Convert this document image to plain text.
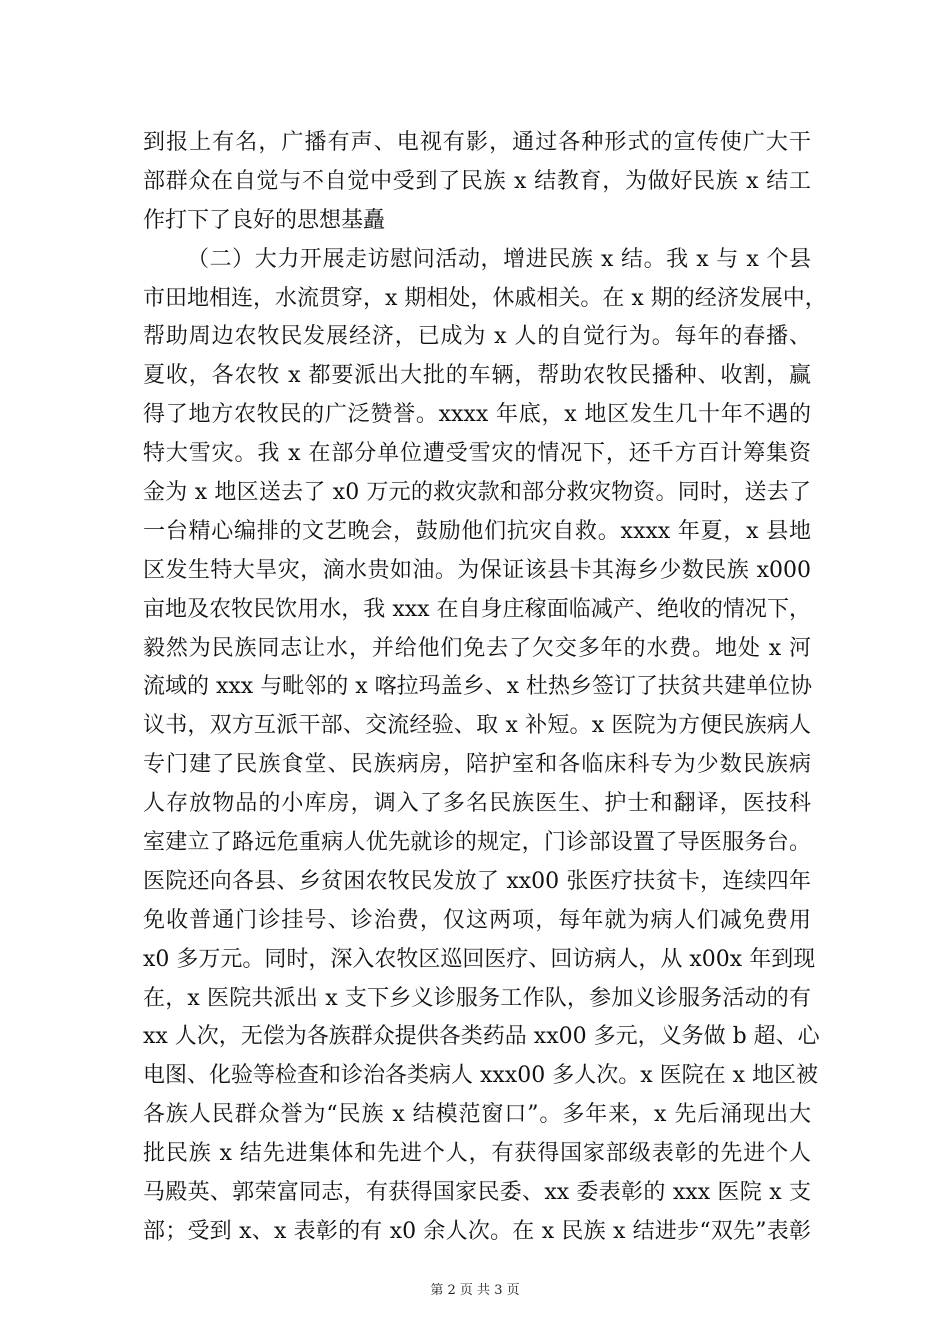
到报上有名，广播有声、电视有影，通过各种形式的宣传使广大干
部群众在自觉与不自觉中受到了民族 x 结教育，为做好民族 x 结工
作打下了良好的思想基矗
（二）大力开展走访慰问活动，增进民族 x 结。我 x 与 x 个县
市田地相连，水流贯穿，x 期相处，休戚相关。在 x 期的经济发展中，
帮助周边农牧民发展经济，已成为 x 人的自觉行为。每年的春播、
夏收，各农牧 x 都要派出大批的车辆，帮助农牧民播种、收割，赢
得了地方农牧民的广泛赞誉。xxxx 年底，x 地区发生几十年不遇的
特大雪灾。我 x 在部分单位遭受雪灾的情况下，还千方百计筹集资
金为 x 地区送去了 x0 万元的救灾款和部分救灾物资。同时，送去了
一台精心编排的文艺晚会，鼓励他们抗灾自救。xxxx 年夏，x 县地
区发生特大旱灾，滴水贵如油。为保证该县卡其海乡少数民族 x000
亩地及农牧民饮用水，我 xxx 在自身庄稼面临减产、绝收的情况下，
毅然为民族同志让水，并给他们免去了欠交多年的水费。地处 x 河
流域的 xxx 与毗邻的 x 喀拉玛盖乡、x 杜热乡签订了扶贫共建单位协
议书，双方互派干部、交流经验、取 x 补短。x 医院为方便民族病人
专门建了民族食堂、民族病房，陪护室和各临床科专为少数民族病
人存放物品的小库房，调入了多名民族医生、护士和翻译，医技科
室建立了路远危重病人优先就诊的规定，门诊部设置了导医服务台。
医院还向各县、乡贫困农牧民发放了 xx00 张医疗扶贫卡，连续四年
免收普通门诊挂号、诊治费，仅这两项，每年就为病人们减免费用
x0 多万元。同时，深入农牧区巡回医疗、回访病人，从 x00x 年到现
在，x 医院共派出 x 支下乡义诊服务工作队，参加义诊服务活动的有
xx 人次，无偿为各族群众提供各类药品 xx00 多元，义务做 b 超、心
电图、化验等检查和诊治各类病人 xxx00 多人次。x 医院在 x 地区被
各族人民群众誉为“民族 x 结模范窗口”。多年来，x 先后涌现出大
批民族 x 结先进集体和先进个人，有获得国家部级表彰的先进个人
马殿英、郭荣富同志，有获得国家民委、xx 委表彰的 xxx 医院 x 支
部；受到 x、x 表彰的有 x0 余人次。在 x 民族 x 结进步“双先”表彰
第 2 页 共 3 页
